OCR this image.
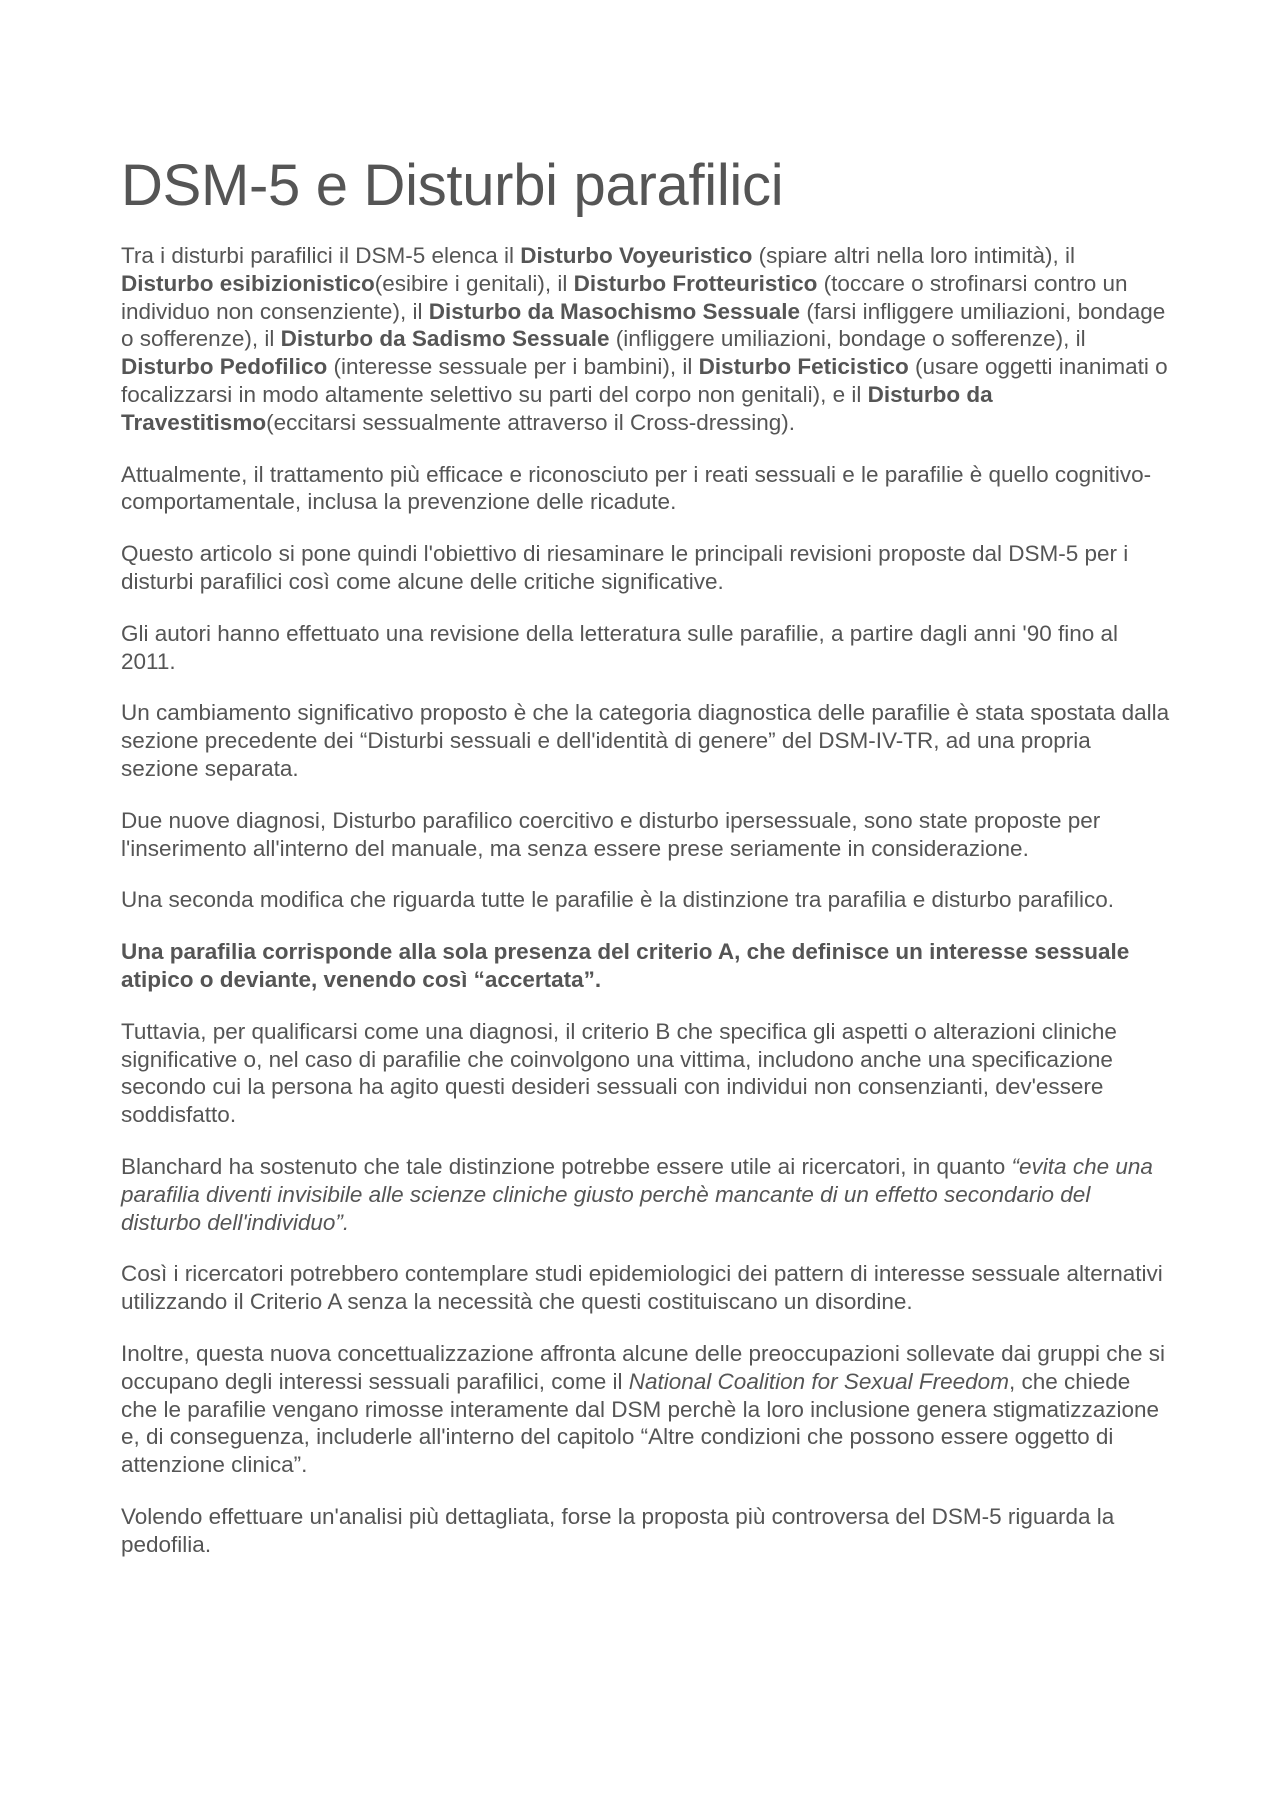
DSM-5 e Disturbi parafilici

Tra i disturbi parafilici il DSM-5 elenca il Disturbo Voyeuristico (spiare altri nella loro intimità), il Disturbo esibizionistico(esibire i genitali), il Disturbo Frotteuristico (toccare o strofinarsi contro un individuo non consenziente), il Disturbo da Masochismo Sessuale (farsi infliggere umiliazioni, bondage o sofferenze), il Disturbo da Sadismo Sessuale (infliggere umiliazioni, bondage o sofferenze), il Disturbo Pedofilico (interesse sessuale per i bambini), il Disturbo Feticistico (usare oggetti inanimati o focalizzarsi in modo altamente selettivo su parti del corpo non genitali), e il Disturbo da Travestitismo(eccitarsi sessualmente attraverso il Cross-dressing).

Attualmente, il trattamento più efficace e riconosciuto per i reati sessuali e le parafilie è quello cognitivo-comportamentale, inclusa la prevenzione delle ricadute.

Questo articolo si pone quindi l'obiettivo di riesaminare le principali revisioni proposte dal DSM-5 per i disturbi parafilici così come alcune delle critiche significative.

Gli autori hanno effettuato una revisione della letteratura sulle parafilie, a partire dagli anni '90 fino al 2011.

Un cambiamento significativo proposto è che la categoria diagnostica delle parafilie è stata spostata dalla sezione precedente dei “Disturbi sessuali e dell'identità di genere” del DSM-IV-TR, ad una propria sezione separata.

Due nuove diagnosi, Disturbo parafilico coercitivo e disturbo ipersessuale, sono state proposte per l'inserimento all'interno del manuale, ma senza essere prese seriamente in considerazione.

Una seconda modifica che riguarda tutte le parafilie è la distinzione tra parafilia e disturbo parafilico.

Una parafilia corrisponde alla sola presenza del criterio A, che definisce un interesse sessuale atipico o deviante, venendo così “accertata”.

Tuttavia, per qualificarsi come una diagnosi, il criterio B che specifica gli aspetti o alterazioni cliniche significative o, nel caso di parafilie che coinvolgono una vittima, includono anche una specificazione secondo cui la persona ha agito questi desideri sessuali con individui non consenzianti, dev'essere soddisfatto.

Blanchard ha sostenuto che tale distinzione potrebbe essere utile ai ricercatori, in quanto “evita che una parafilia diventi invisibile alle scienze cliniche giusto perchè mancante di un effetto secondario del disturbo dell'individuo”.

Così i ricercatori potrebbero contemplare studi epidemiologici dei pattern di interesse sessuale alternativi utilizzando il Criterio A senza la necessità che questi costituiscano un disordine.

Inoltre, questa nuova concettualizzazione affronta alcune delle preoccupazioni sollevate dai gruppi che si occupano degli interessi sessuali parafilici, come il National Coalition for Sexual Freedom, che chiede che le parafilie vengano rimosse interamente dal DSM perchè la loro inclusione genera stigmatizzazione e, di conseguenza, includerle all'interno del capitolo “Altre condizioni che possono essere oggetto di attenzione clinica”.

Volendo effettuare un'analisi più dettagliata, forse la proposta più controversa del DSM-5 riguarda la pedofilia.
